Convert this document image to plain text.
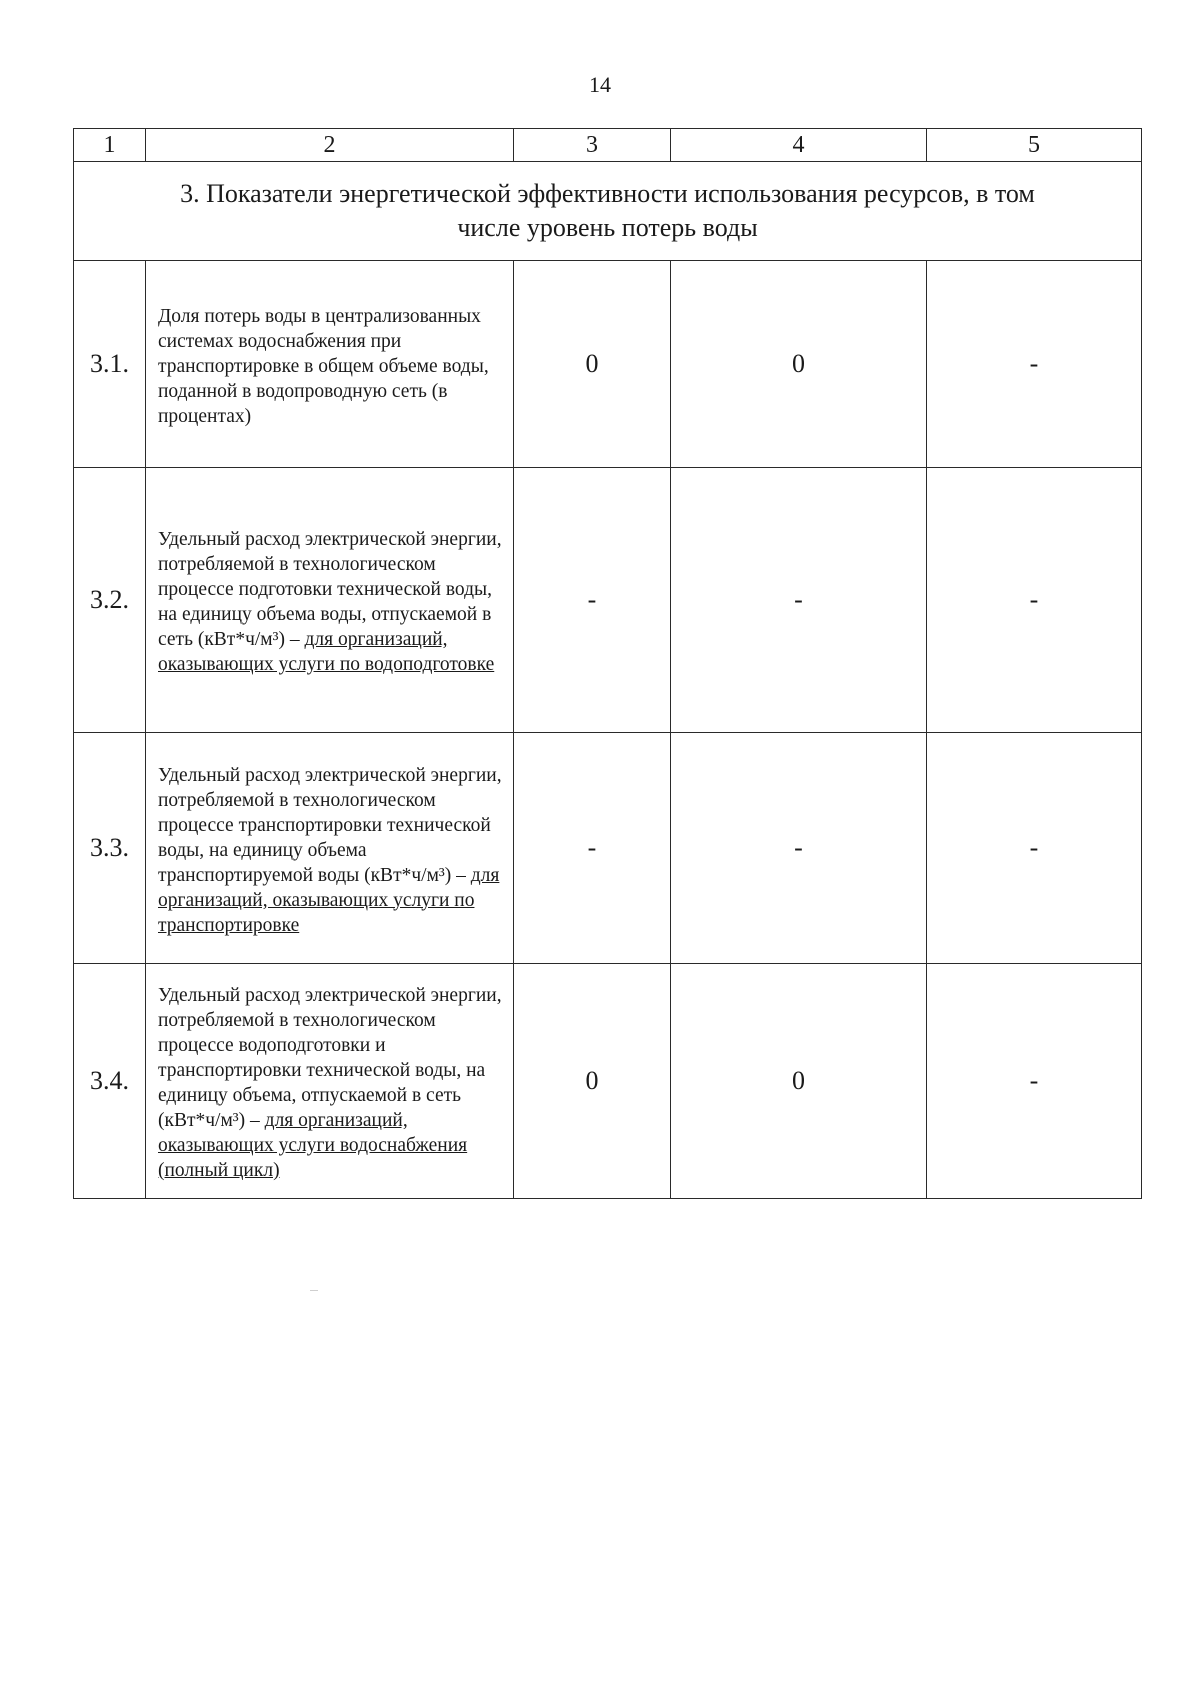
14
1	2	3	4	5
3. Показатели энергетической эффективности использования ресурсов, в том
числе уровень потерь воды				
3.1.	Доля потерь воды в централизованных системах водоснабжения при транспортировке в общем объеме воды, поданной в водопроводную сеть (в процентах)	0	0	-
3.2.	Удельный расход электрической энергии, потребляемой в технологическом процессе подготовки технической воды, на единицу объема воды, отпускаемой в сеть (кВт*ч/м³) – для организаций, оказывающих услуги по водоподготовке	-	-	-
3.3.	Удельный расход электрической энергии, потребляемой в технологическом процессе транспортировки технической воды, на единицу объема транспортируемой воды (кВт*ч/м³) – для организаций, оказывающих услуги по транспортировке	-	-	-
3.4.	Удельный расход электрической энергии, потребляемой в технологическом процессе водоподготовки и транспортировки технической воды, на единицу объема, отпускаемой в сеть (кВт*ч/м³) – для организаций, оказывающих услуги водоснабжения (полный цикл)	0	0	-
